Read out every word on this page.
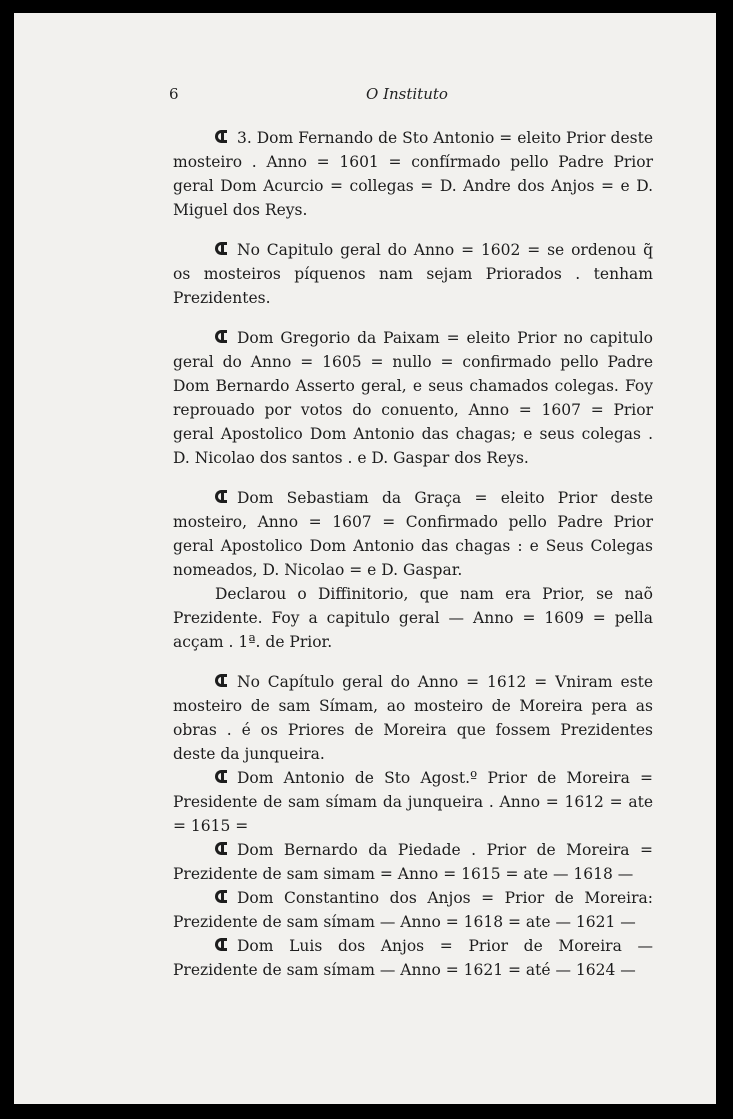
6	O Instituto

3. Dom Fernando de Sto Antonio = eleito Prior deste mosteiro . Anno = 1601 = confírmado pello Padre Prior geral Dom Acurcio = collegas = D. Andre dos Anjos = e D. Miguel dos Reys.

No Capitulo geral do Anno = 1602 = se ordenou q̃ os mosteiros píquenos nam sejam Priorados . tenham Prezidentes.

Dom Gregorio da Paixam = eleito Prior no capitulo geral do Anno = 1605 = nullo = confirmado pello Padre Dom Bernardo Asserto geral, e seus chamados colegas. Foy reprouado por votos do conuento, Anno = 1607 = Prior geral Apostolico Dom Antonio das chagas; e seus colegas . D. Nicolao dos santos . e D. Gaspar dos Reys.

Dom Sebastiam da Graça = eleito Prior deste mosteiro, Anno = 1607 = Confirmado pello Padre Prior geral Apostolico Dom Antonio das chagas : e Seus Colegas nomeados, D. Nicolao = e D. Gaspar.

Declarou o Diffinitorio, que nam era Prior, se naõ Prezidente. Foy a capitulo geral — Anno = 1609 = pella acçam . 1ª. de Prior.

No Capítulo geral do Anno = 1612 = Vniram este mosteiro de sam Símam, ao mosteiro de Moreira pera as obras . é os Priores de Moreira que fossem Prezidentes deste da junqueira.

Dom Antonio de Sto Agost.º Prior de Moreira = Presidente de sam símam da junqueira . Anno = 1612 = ate = 1615 =

Dom Bernardo da Piedade . Prior de Moreira = Prezidente de sam simam = Anno = 1615 = ate — 1618 —

Dom Constantino dos Anjos = Prior de Moreira: Prezidente de sam símam — Anno = 1618 = ate — 1621 —

Dom Luis dos Anjos = Prior de Moreira — Prezidente de sam símam — Anno = 1621 = até — 1624 —
